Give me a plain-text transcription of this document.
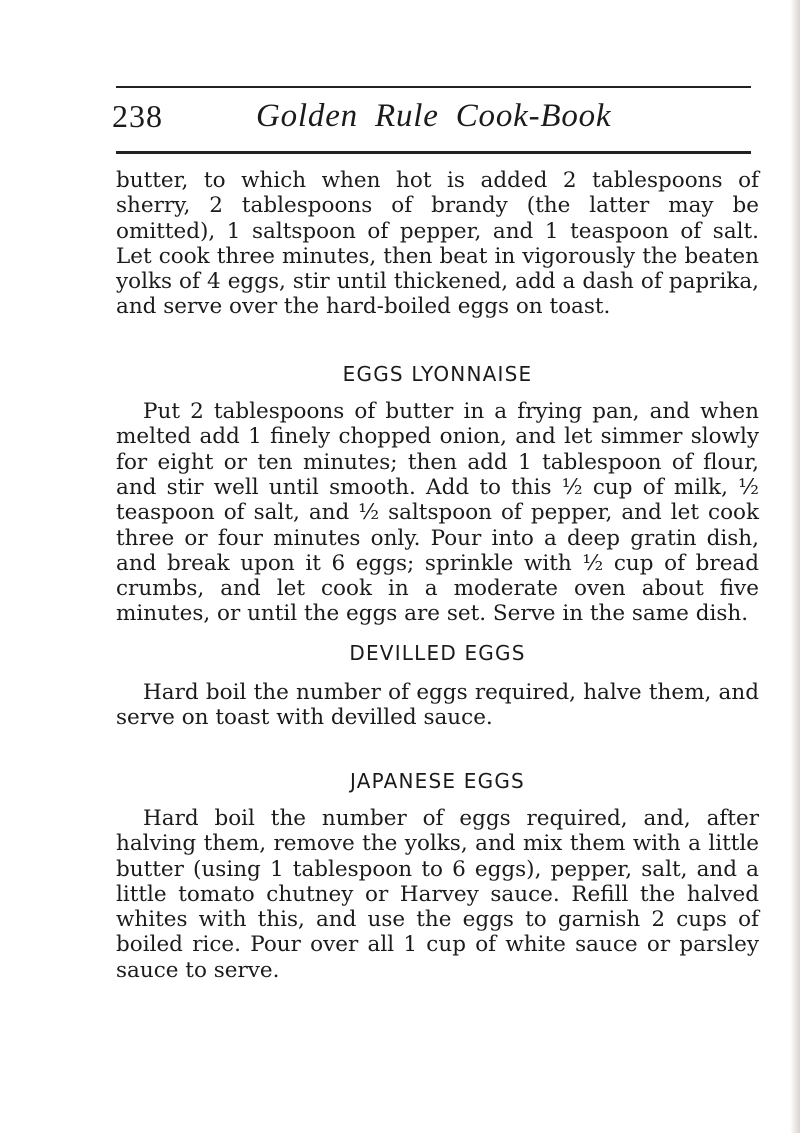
238	Golden Rule Cook-Book

butter, to which when hot is added 2 tablespoons of sherry, 2 tablespoons of brandy (the latter may be omitted), 1 saltspoon of pepper, and 1 teaspoon of salt. Let cook three minutes, then beat in vigorously the beaten yolks of 4 eggs, stir until thickened, add a dash of paprika, and serve over the hard-boiled eggs on toast.

EGGS LYONNAISE

Put 2 tablespoons of butter in a frying pan, and when melted add 1 finely chopped onion, and let simmer slowly for eight or ten minutes; then add 1 tablespoon of flour, and stir well until smooth. Add to this ½ cup of milk, ½ teaspoon of salt, and ½ saltspoon of pepper, and let cook three or four minutes only. Pour into a deep gratin dish, and break upon it 6 eggs; sprinkle with ½ cup of bread crumbs, and let cook in a moderate oven about five minutes, or until the eggs are set. Serve in the same dish.

DEVILLED EGGS

Hard boil the number of eggs required, halve them, and serve on toast with devilled sauce.

JAPANESE EGGS

Hard boil the number of eggs required, and, after halving them, remove the yolks, and mix them with a little butter (using 1 tablespoon to 6 eggs), pepper, salt, and a little tomato chutney or Harvey sauce. Refill the halved whites with this, and use the eggs to garnish 2 cups of boiled rice. Pour over all 1 cup of white sauce or parsley sauce to serve.
